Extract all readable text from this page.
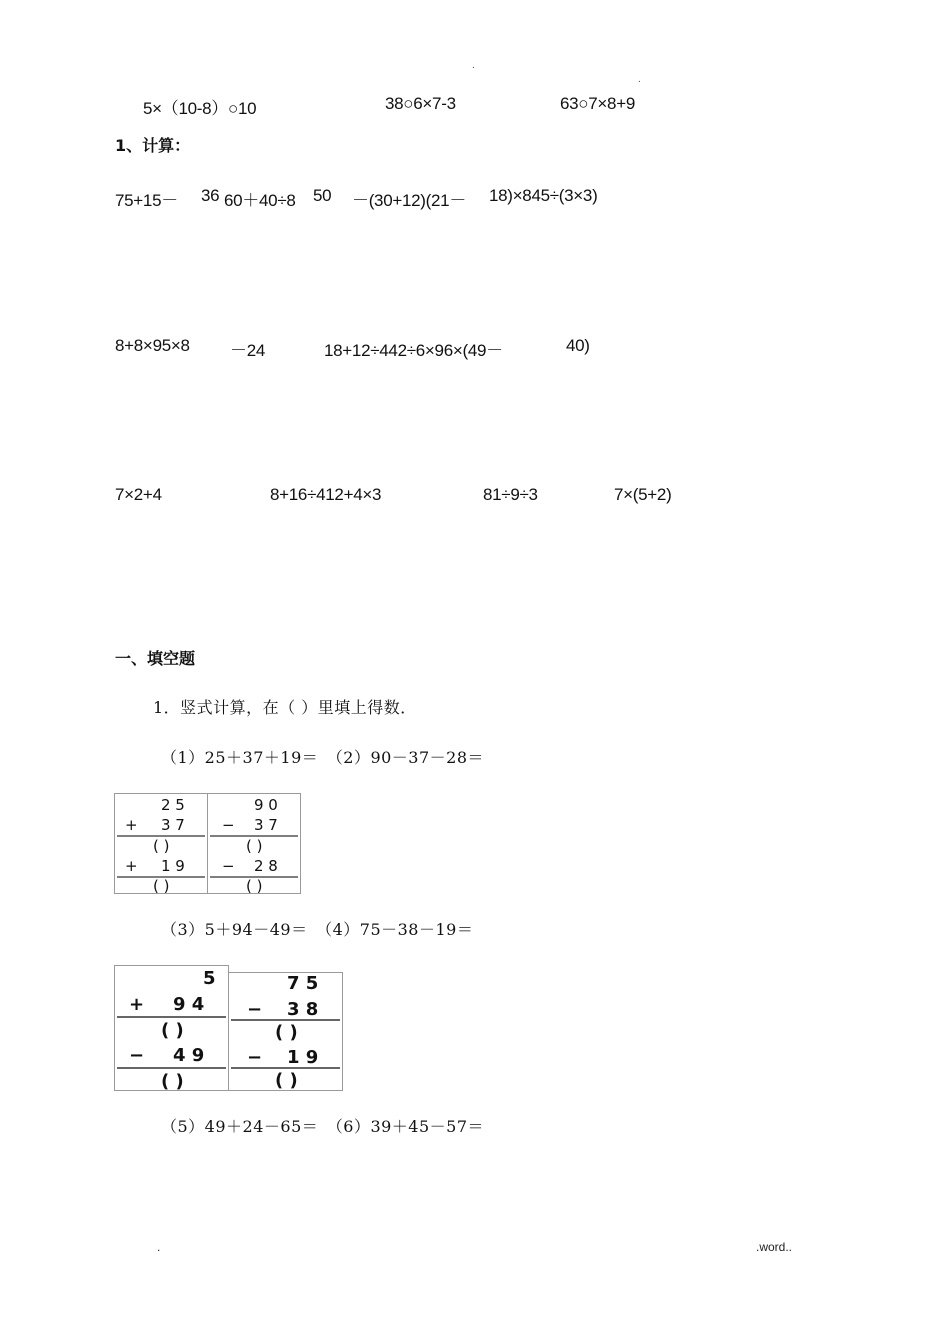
.
.
5×（10-8）○10	38○6×7-3	63○7×8+9
1、计算：
75+15－ 36 60＋40÷8 50 －(30+12)(21－ 18)×845÷(3×3)
8+8×95×8 －24	18+12÷442÷6×96×(49－	40)
7×2+4	8+16÷412+4×3	81÷9÷3	7×(5+2)
一、填空题
1．竖式计算，在（ ）里填上得数．
（1）25＋37＋19＝　（2）90－37－28＝
2 5
+ 3 7
( )
+ 1 9
( )
9 0
− 3 7
( )
− 2 8
( )
（3）5＋94－49＝　（4）75－38－19＝
5
+ 9 4
( )
− 4 9
( )
7 5
− 3 8
( )
− 1 9
( )
（5）49＋24－65＝　（6）39＋45－57＝
.	.word..
